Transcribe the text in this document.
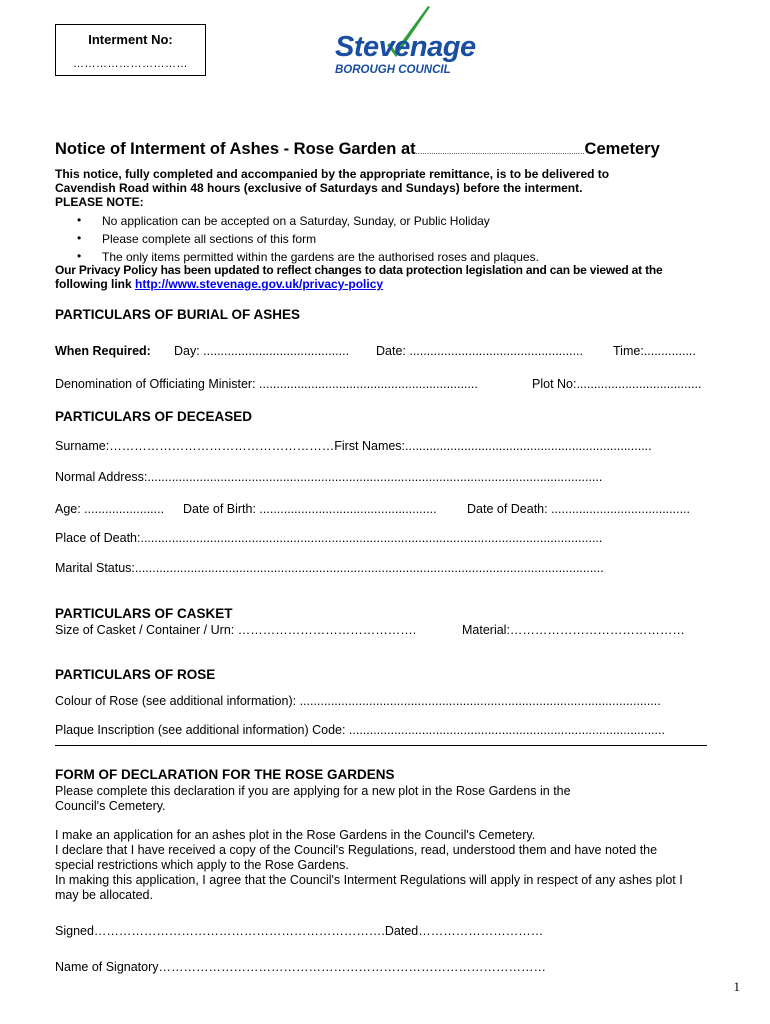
Interment No:
…………………………
Stevenage
BOROUGH COUNCIL
Notice of Interment of Ashes - Rose Garden at............................................................................Cemetery
This notice, fully completed and accompanied by the appropriate remittance, is to be delivered to
Cavendish Road within 48 hours (exclusive of Saturdays and Sundays) before the interment.
PLEASE NOTE:
• No application can be accepted on a Saturday, Sunday, or Public Holiday
• Please complete all sections of this form
• The only items permitted within the gardens are the authorised roses and plaques.
Our Privacy Policy has been updated to reflect changes to data protection legislation and can be viewed at the
following link http://www.stevenage.gov.uk/privacy-policy
PARTICULARS OF BURIAL OF ASHES
When Required: Day: .......................................... Date: .................................................. Time:...............
Denomination of Officiating Minister: ...............................................................	Plot No:....................................
PARTICULARS OF DECEASED
Surname:………………………………………………First Names:.......................................................................
Normal Address:...................................................................................................................................
Age: ....................... Date of Birth: ................................................... Date of Death: ........................................
Place of Death:.....................................................................................................................................
Marital Status:.......................................................................................................................................
PARTICULARS OF CASKET
Size of Casket / Container / Urn: …………………………………….	Material:……………………………………
PARTICULARS OF ROSE
Colour of Rose (see additional information): ........................................................................................................
Plaque Inscription (see additional information) Code: ...........................................................................................
FORM OF DECLARATION FOR THE ROSE GARDENS
Please complete this declaration if you are applying for a new plot in the Rose Gardens in the
Council's Cemetery.
I make an application for an ashes plot in the Rose Gardens in the Council's Cemetery.
I declare that I have received a copy of the Council's Regulations, read, understood them and have noted the
special restrictions which apply to the Rose Gardens.
In making this application, I agree that the Council's Interment Regulations will apply in respect of any ashes plot I
may be allocated.
Signed…………………………………………………………….Dated…………………………
Name of Signatory…………………………………………………………………………………
1
